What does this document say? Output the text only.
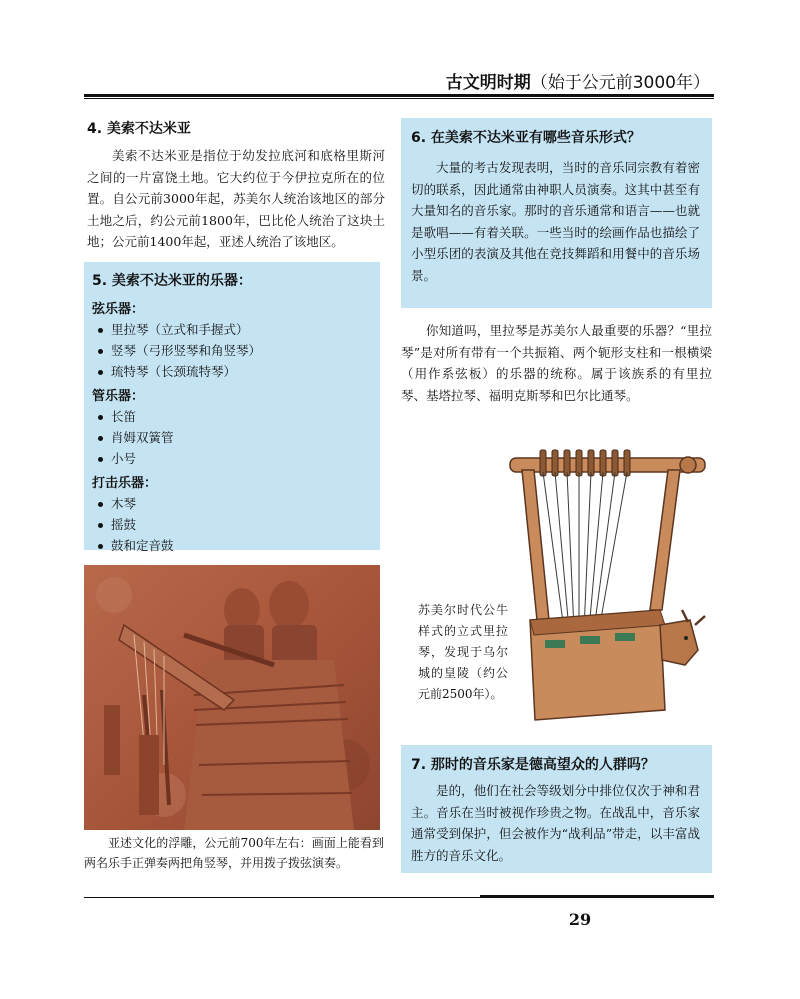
古文明时期（始于公元前3000年）
4. 美索不达米亚

美索不达米亚是指位于幼发拉底河和底格里斯河之间的一片富饶土地。它大约位于今伊拉克所在的位置。自公元前3000年起，苏美尔人统治该地区的部分土地之后，约公元前1800年，巴比伦人统治了这块土地；公元前1400年起，亚述人统治了该地区。

5. 美索不达米亚的乐器：
弦乐器：
里拉琴（立式和手握式）
竖琴（弓形竖琴和角竖琴）
琉特琴（长颈琉特琴）
管乐器：
长笛
肖姆双簧管
小号
打击乐器：
木琴
摇鼓
鼓和定音鼓
亚述文化的浮雕，公元前700年左右：画面上能看到两名乐手正弹奏两把角竖琴，并用拨子拨弦演奏。
6. 在美索不达米亚有哪些音乐形式？

大量的考古发现表明，当时的音乐同宗教有着密切的联系，因此通常由神职人员演奏。这其中甚至有大量知名的音乐家。那时的音乐通常和语言——也就是歌唱——有着关联。一些当时的绘画作品也描绘了小型乐团的表演及其他在竞技舞蹈和用餐中的音乐场景。

你知道吗，里拉琴是苏美尔人最重要的乐器？“里拉琴”是对所有带有一个共振箱、两个轭形支柱和一根横梁（用作系弦板）的乐器的统称。属于该族系的有里拉琴、基塔拉琴、福明克斯琴和巴尔比通琴。

苏美尔时代公牛样式的立式里拉琴，发现于乌尔城的皇陵（约公元前2500年）。
7. 那时的音乐家是德高望众的人群吗？

是的，他们在社会等级划分中排位仅次于神和君主。音乐在当时被视作珍贵之物。在战乱中，音乐家通常受到保护，但会被作为“战利品”带走，以丰富战胜方的音乐文化。

29
